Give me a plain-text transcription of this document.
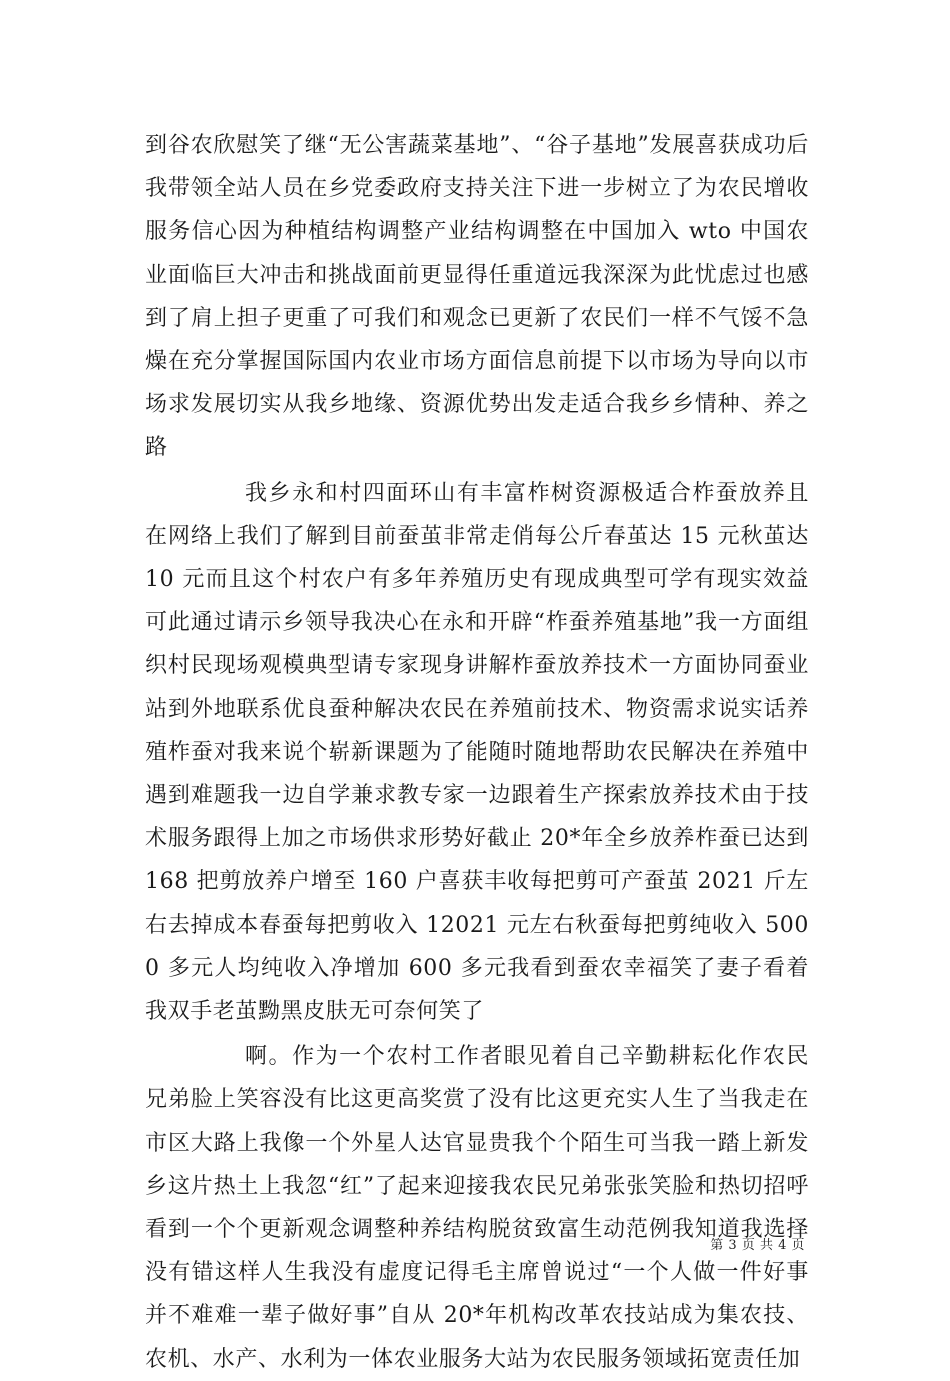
到谷农欣慰笑了继“无公害蔬菜基地”、“谷子基地”发展喜获成功后我带领全站人员在乡党委政府支持关注下进一步树立了为农民增收服务信心因为种植结构调整产业结构调整在中国加入 wto 中国农业面临巨大冲击和挑战面前更显得任重道远我深深为此忧虑过也感到了肩上担子更重了可我们和观念已更新了农民们一样不气馁不急燥在充分掌握国际国内农业市场方面信息前提下以市场为导向以市场求发展切实从我乡地缘、资源优势出发走适合我乡乡情种、养之路

我乡永和村四面环山有丰富柞树资源极适合柞蚕放养且在网络上我们了解到目前蚕茧非常走俏每公斤春茧达 15 元秋茧达 10 元而且这个村农户有多年养殖历史有现成典型可学有现实效益可此通过请示乡领导我决心在永和开辟“柞蚕养殖基地”我一方面组织村民现场观模典型请专家现身讲解柞蚕放养技术一方面协同蚕业站到外地联系优良蚕种解决农民在养殖前技术、物资需求说实话养殖柞蚕对我来说个崭新课题为了能随时随地帮助农民解决在养殖中遇到难题我一边自学兼求教专家一边跟着生产探索放养技术由于技术服务跟得上加之市场供求形势好截止 20*年全乡放养柞蚕已达到 168 把剪放养户增至 160 户喜获丰收每把剪可产蚕茧 2021 斤左右去掉成本春蚕每把剪收入 12021 元左右秋蚕每把剪纯收入 5000 多元人均纯收入净增加 600 多元我看到蚕农幸福笑了妻子看着我双手老茧黝黑皮肤无可奈何笑了

啊。作为一个农村工作者眼见着自己辛勤耕耘化作农民兄弟脸上笑容没有比这更高奖赏了没有比这更充实人生了当我走在市区大路上我像一个外星人达官显贵我个个陌生可当我一踏上新发乡这片热土上我忽“红”了起来迎接我农民兄弟张张笑脸和热切招呼看到一个个更新观念调整种养结构脱贫致富生动范例我知道我选择没有错这样人生我没有虚度记得毛主席曾说过“一个人做一件好事并不难难一辈子做好事”自从 20*年机构改革农技站成为集农技、农机、水产、水利为一体农业服务大站为农民服务领域拓宽责任加

第 3 页 共 4 页
